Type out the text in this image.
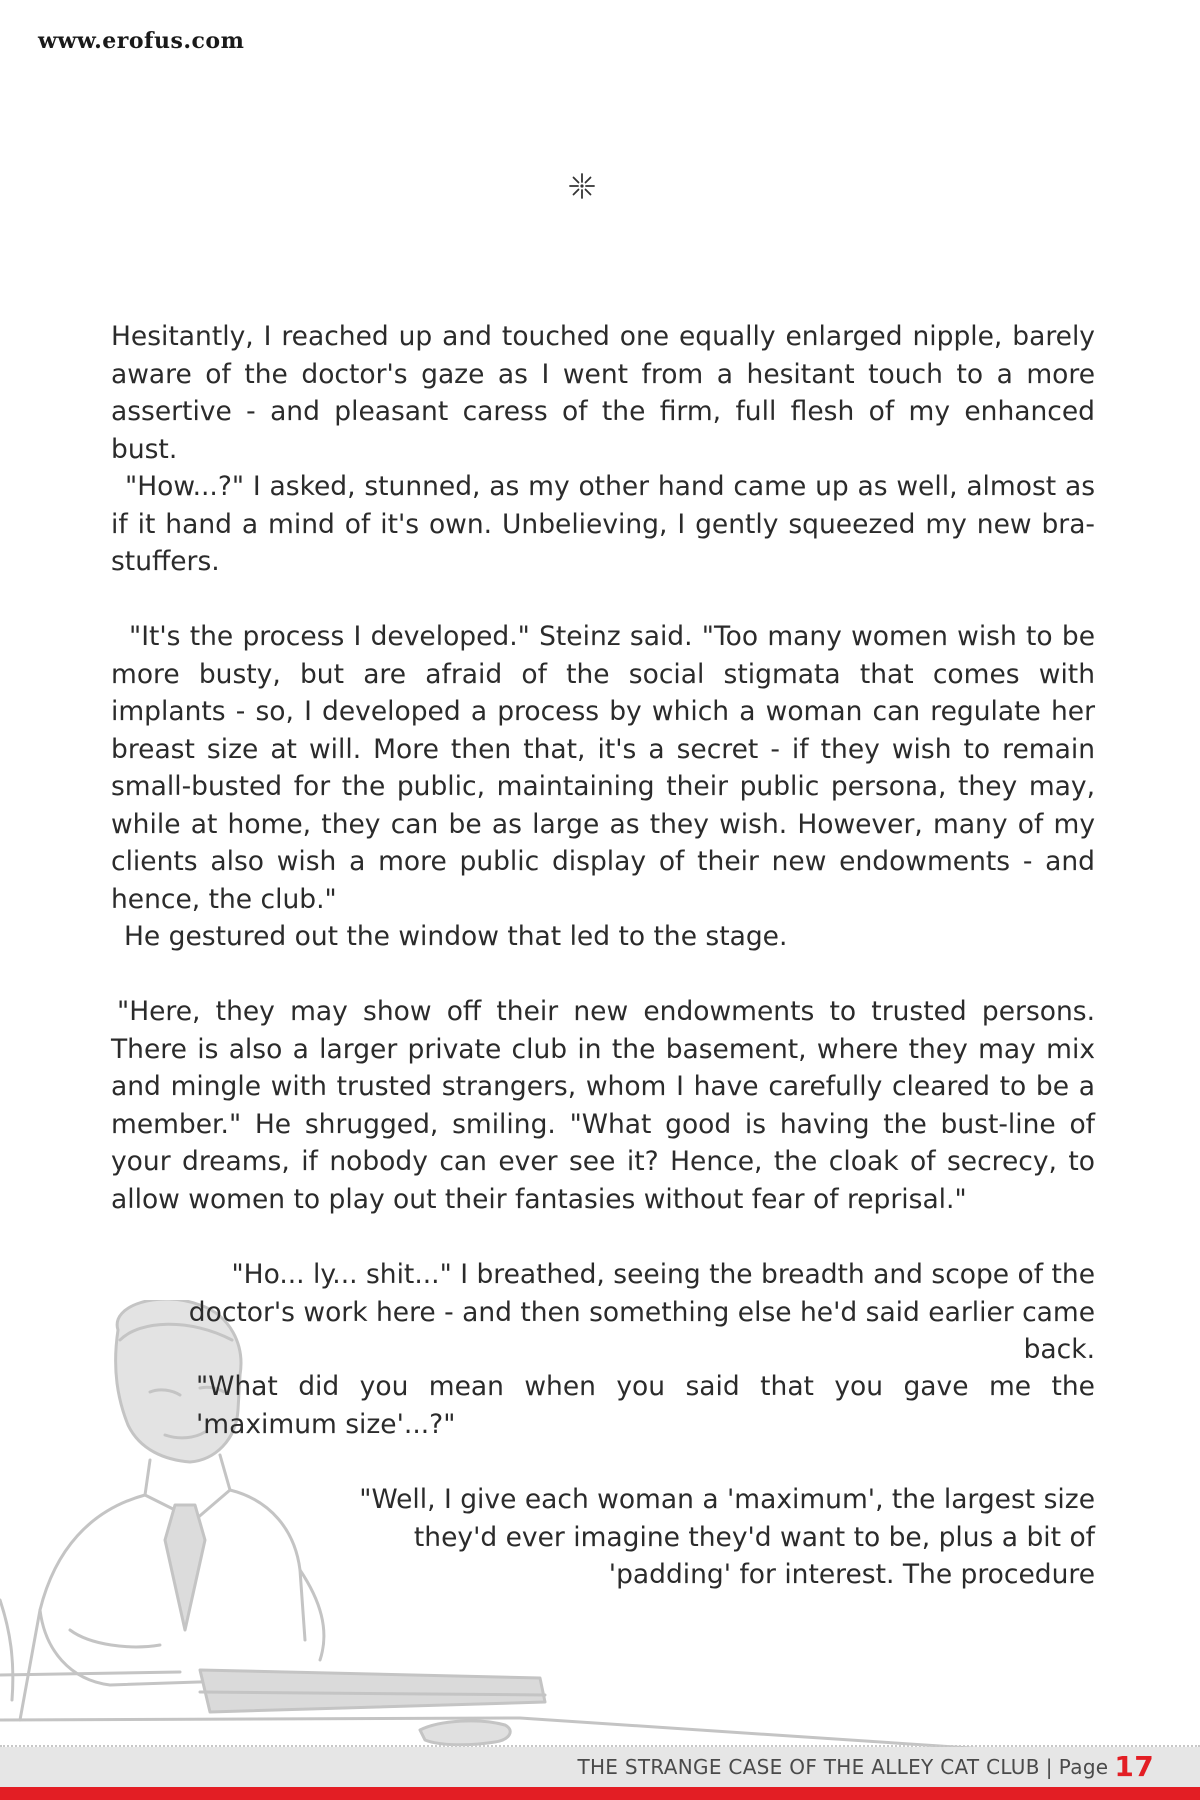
www.erofus.com

Hesitantly, I reached up and touched one equally enlarged nipple, barely aware of the doctor's gaze as I went from a hesitant touch to a more assertive - and pleasant caress of the firm, full flesh of my enhanced bust.

"How...?" I asked, stunned, as my other hand came up as well, almost as if it hand a mind of it's own. Unbelieving, I gently squeezed my new bra-stuffers.

"It's the process I developed." Steinz said. "Too many women wish to be more busty, but are afraid of the social stigmata that comes with implants - so, I developed a process by which a woman can regulate her breast size at will. More then that, it's a secret - if they wish to remain small-busted for the public, maintaining their public persona, they may, while at home, they can be as large as they wish. However, many of my clients also wish a more public display of their new endowments - and hence, the club."

He gestured out the window that led to the stage.

"Here, they may show off their new endowments to trusted persons. There is also a larger private club in the basement, where they may mix and mingle with trusted strangers, whom I have carefully cleared to be a member." He shrugged, smiling. "What good is having the bust-line of your dreams, if nobody can ever see it? Hence, the cloak of secrecy, to allow women to play out their fantasies without fear of reprisal."

"Ho... ly... shit..." I breathed, seeing the breadth and scope of the doctor's work here - and then something else he'd said earlier came back.

"What did you mean when you said that you gave me the 'maximum size'...?"

"Well, I give each woman a 'maximum', the largest size they'd ever imagine they'd want to be, plus a bit of 'padding' for interest. The procedure

THE STRANGE CASE OF THE ALLEY CAT CLUB | Page 17
